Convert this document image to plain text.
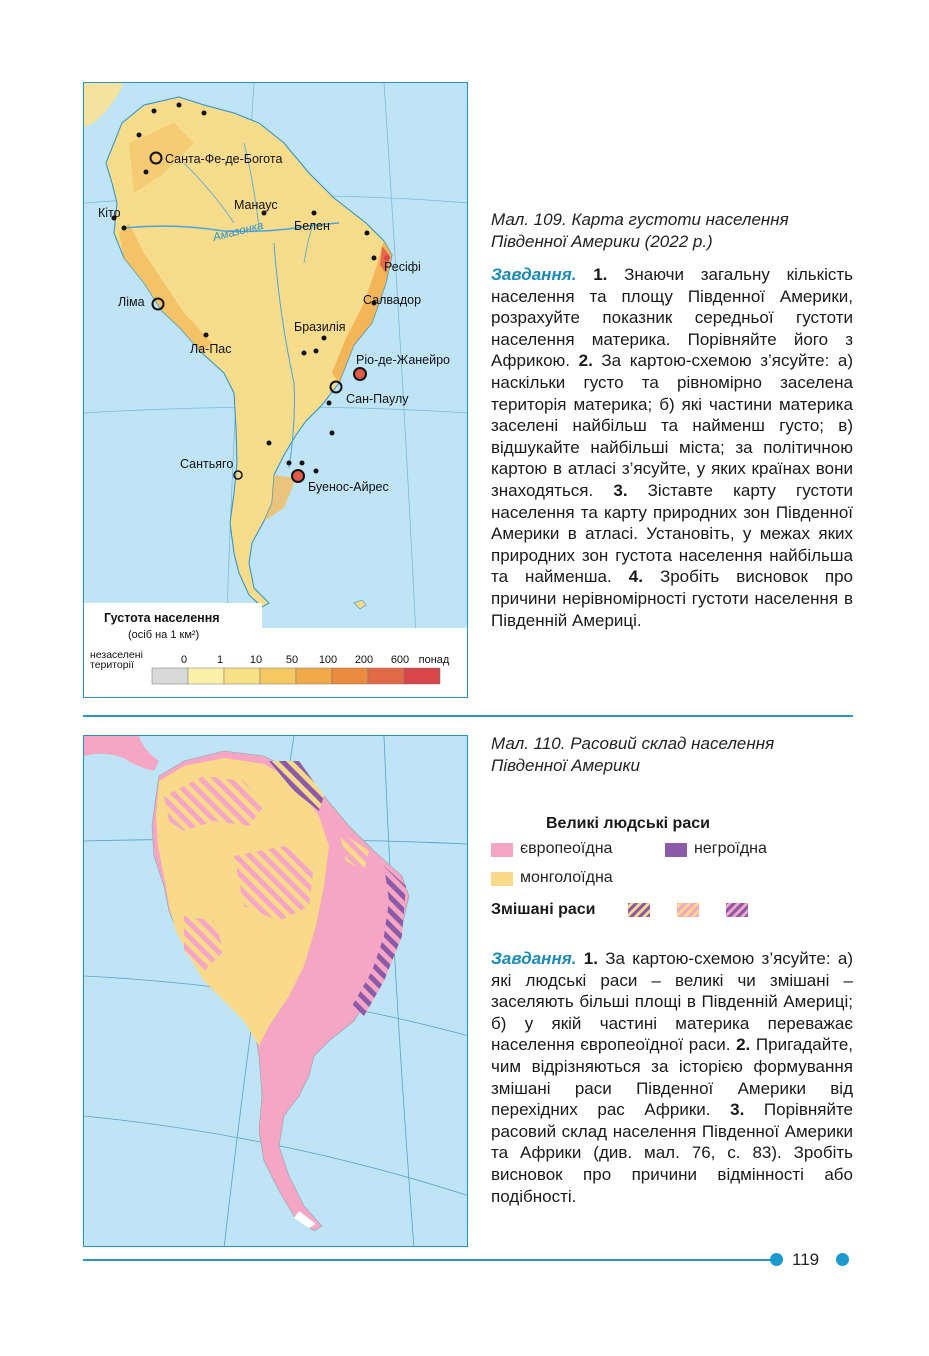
Санта-Фе-де-Богота
Кіто
Манаус
Белен
Ресіфі
Ліма	Салвадор
Бразилія
Ла-Пас
Ріо-де-Жанейро
Сан-Паулу
Сантьяго
Буенос-Айрес
Амазонка
Густота населення
(осіб на 1 км²)
незаселені
території	0	1 10 50 100 200 600 понад
Мал. 109. Карта густоти населення Південної Америки (2022 р.)
Завдання. 1. Знаючи загальну кількість населення та площу Південної Америки, розрахуйте показник середньої густоти населення материка. Порівняйте його з Африкою. 2. За картою-схемою з’ясуйте: а) наскільки густо та рівномірно заселена територія материка; б) які частини материка заселені найбільш та найменш густо; в) відшукайте найбільші міста; за політичною картою в атласі з’ясуйте, у яких країнах вони знаходяться. 3. Зіставте карту густоти населення та карту природних зон Південної Америки в атласі. Установіть, у межах яких природних зон густота населення найбільша та найменша. 4. Зробіть висновок про причини нерівномірності густоти населення в Південній Америці.
Мал. 110. Расовий склад населення Південної Америки
Великі людські раси
європеоїдна	негроїдна
монголоїдна
Змішані раси
Завдання. 1. За картою-схемою з’ясуйте: а) які людські раси – великі чи змішані – заселяють більші площі в Південній Америці; б) у якій частині материка переважає населення європеоїдної раси. 2. Пригадайте, чим відрізняються за історією формування змішані раси Південної Америки від перехідних рас Африки. 3. Порівняйте расовий склад населення Південної Америки та Африки (див. мал. 76, с. 83). Зробіть висновок про причини відмінності або подібності.
119
